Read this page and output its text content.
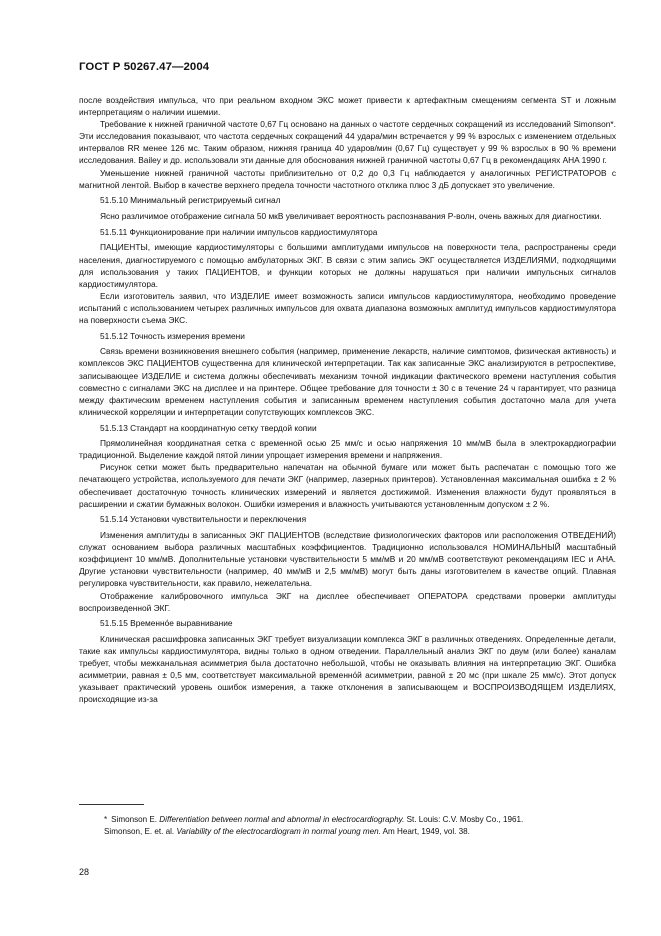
ГОСТ Р 50267.47—2004

после воздействия импульса, что при реальном входном ЭКС может привести к артефактным смещениям сегмента ST и ложным интерпретациям о наличии ишемии.

Требование к нижней граничной частоте 0,67 Гц основано на данных о частоте сердечных сокращений из исследований Simonson*. Эти исследования показывают, что частота сердечных сокращений 44 удара/мин встречается у 99 % взрослых с изменением отдельных интервалов RR менее 126 мс. Таким образом, нижняя граница 40 ударов/мин (0,67 Гц) существует у 99 % взрослых в 90 % времени исследования. Bailey и др. использовали эти данные для обоснования нижней граничной частоты 0,67 Гц в рекомендациях AHA 1990 г.

Уменьшение нижней граничной частоты приблизительно от 0,2 до 0,3 Гц наблюдается у аналогичных РЕГИСТРАТОРОВ с магнитной лентой. Выбор в качестве верхнего предела точности частотного отклика плюс 3 дБ допускает это увеличение.

51.5.10 Минимальный регистрируемый сигнал

Ясно различимое отображение сигнала 50 мкВ увеличивает вероятность распознавания Р-волн, очень важных для диагностики.

51.5.11 Функционирование при наличии импульсов кардиостимулятора

ПАЦИЕНТЫ, имеющие кардиостимуляторы с большими амплитудами импульсов на поверхности тела, распространены среди населения, диагностируемого с помощью амбулаторных ЭКГ. В связи с этим запись ЭКГ осуществляется ИЗДЕЛИЯМИ, подходящими для использования у таких ПАЦИЕНТОВ, и функции которых не должны нарушаться при наличии импульсных сигналов кардиостимулятора.

Если изготовитель заявил, что ИЗДЕЛИЕ имеет возможность записи импульсов кардиостимулятора, необходимо проведение испытаний с использованием четырех различных импульсов для охвата диапазона возможных амплитуд импульсов кардиостимулятора на поверхности съема ЭКС.

51.5.12 Точность измерения времени

Связь времени возникновения внешнего события (например, применение лекарств, наличие симптомов, физическая активность) и комплексов ЭКС ПАЦИЕНТОВ существенна для клинической интерпретации. Так как записанные ЭКС анализируются в ретроспективе, записывающее ИЗДЕЛИЕ и система должны обеспечивать механизм точной индикации фактического времени наступления события совместно с сигналами ЭКС на дисплее и на принтере. Общее требование для точности ± 30 с в течение 24 ч гарантирует, что разница между фактическим временем наступления события и записанным временем наступления события достаточно мала для учета клинической корреляции и интерпретации сопутствующих комплексов ЭКС.

51.5.13 Стандарт на координатную сетку твердой копии

Прямолинейная координатная сетка с временной осью 25 мм/с и осью напряжения 10 мм/мВ была в электрокардиографии традиционной. Выделение каждой пятой линии упрощает измерения времени и напряжения.

Рисунок сетки может быть предварительно напечатан на обычной бумаге или может быть распечатан с помощью того же печатающего устройства, используемого для печати ЭКГ (например, лазерных принтеров). Установленная максимальная ошибка ± 2 % обеспечивает достаточную точность клинических измерений и является достижимой. Изменения влажности будут проявляться в расширении и сжатии бумажных волокон. Ошибки измерения и влажность учитываются установленным допуском ± 2 %.

51.5.14 Установки чувствительности и переключения

Изменения амплитуды в записанных ЭКГ ПАЦИЕНТОВ (вследствие физиологических факторов или расположения ОТВЕДЕНИЙ) служат основанием выбора различных масштабных коэффициентов. Традиционно использовался НОМИНАЛЬНЫЙ масштабный коэффициент 10 мм/мВ. Дополнительные установки чувствительности 5 мм/мВ и 20 мм/мВ соответствуют рекомендациям IEC и AHA. Другие установки чувствительности (например, 40 мм/мВ и 2,5 мм/мВ) могут быть даны изготовителем в качестве опций. Плавная регулировка чувствительности, как правило, нежелательна.

Отображение калибровочного импульса ЭКГ на дисплее обеспечивает ОПЕРАТОРА средствами проверки амплитуды воспроизведенной ЭКГ.

51.5.15 Временно́е выравнивание

Клиническая расшифровка записанных ЭКГ требует визуализации комплекса ЭКГ в различных отведениях. Определенные детали, такие как импульсы кардиостимулятора, видны только в одном отведении. Параллельный анализ ЭКГ по двум (или более) каналам требует, чтобы межканальная асимметрия была достаточно небольшой, чтобы не оказывать влияния на интерпретацию ЭКГ. Ошибка асимметрии, равная ± 0,5 мм, соответствует максимальной временно́й асимметрии, равной ± 20 мс (при шкале 25 мм/с). Этот допуск указывает практический уровень ошибок измерения, а также отклонения в записывающем и ВОСПРОИЗВОДЯЩЕМ ИЗДЕЛИЯХ, происходящие из-за

* Simonson E. Differentiation between normal and abnormal in electrocardiography. St. Louis: C.V. Mosby Co., 1961.

Simonson, E. et. al. Variability of the electrocardiogram in normal young men. Am Heart, 1949, vol. 38.

28
